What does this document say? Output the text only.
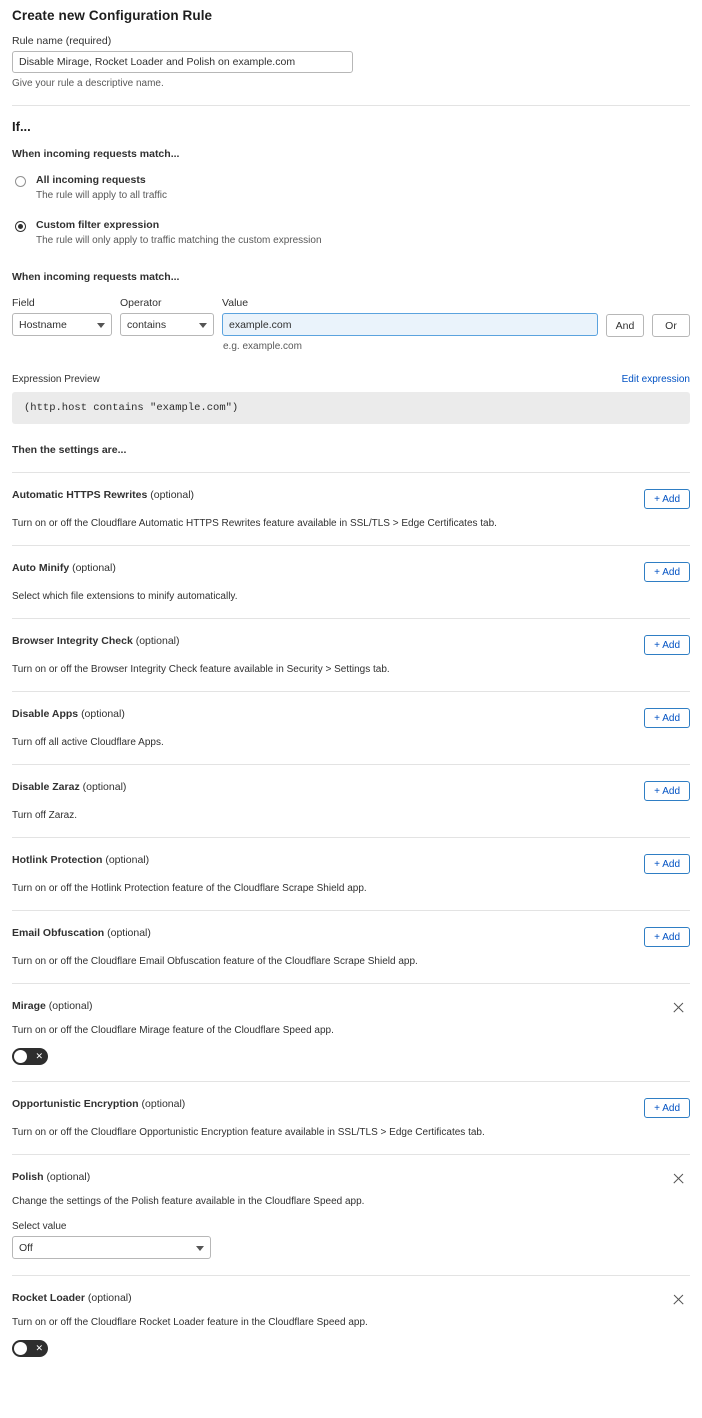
Create new Configuration Rule
Rule name (required)
Disable Mirage, Rocket Loader and Polish on example.com
Give your rule a descriptive name.
If...
When incoming requests match...
All incoming requests
The rule will apply to all traffic
Custom filter expression
The rule will only apply to traffic matching the custom expression
When incoming requests match...
Field
Hostname
Operator
contains
Value
example.com
e.g. example.com
And	Or
Expression Preview	Edit expression
(http.host contains "example.com")
Then the settings are...
Automatic HTTPS Rewrites (optional)	+ Add
Turn on or off the Cloudflare Automatic HTTPS Rewrites feature available in SSL/TLS > Edge Certificates tab.
Auto Minify (optional)	+ Add
Select which file extensions to minify automatically.
Browser Integrity Check (optional)	+ Add
Turn on or off the Browser Integrity Check feature available in Security > Settings tab.
Disable Apps (optional)	+ Add
Turn off all active Cloudflare Apps.
Disable Zaraz (optional)	+ Add
Turn off Zaraz.
Hotlink Protection (optional)	+ Add
Turn on or off the Hotlink Protection feature of the Cloudflare Scrape Shield app.
Email Obfuscation (optional)	+ Add
Turn on or off the Cloudflare Email Obfuscation feature of the Cloudflare Scrape Shield app.
Mirage (optional)
Turn on or off the Cloudflare Mirage feature of the Cloudflare Speed app.
✕
Opportunistic Encryption (optional)	+ Add
Turn on or off the Cloudflare Opportunistic Encryption feature available in SSL/TLS > Edge Certificates tab.
Polish (optional)
Change the settings of the Polish feature available in the Cloudflare Speed app.
Select value
Off
Rocket Loader (optional)
Turn on or off the Cloudflare Rocket Loader feature in the Cloudflare Speed app.
✕
